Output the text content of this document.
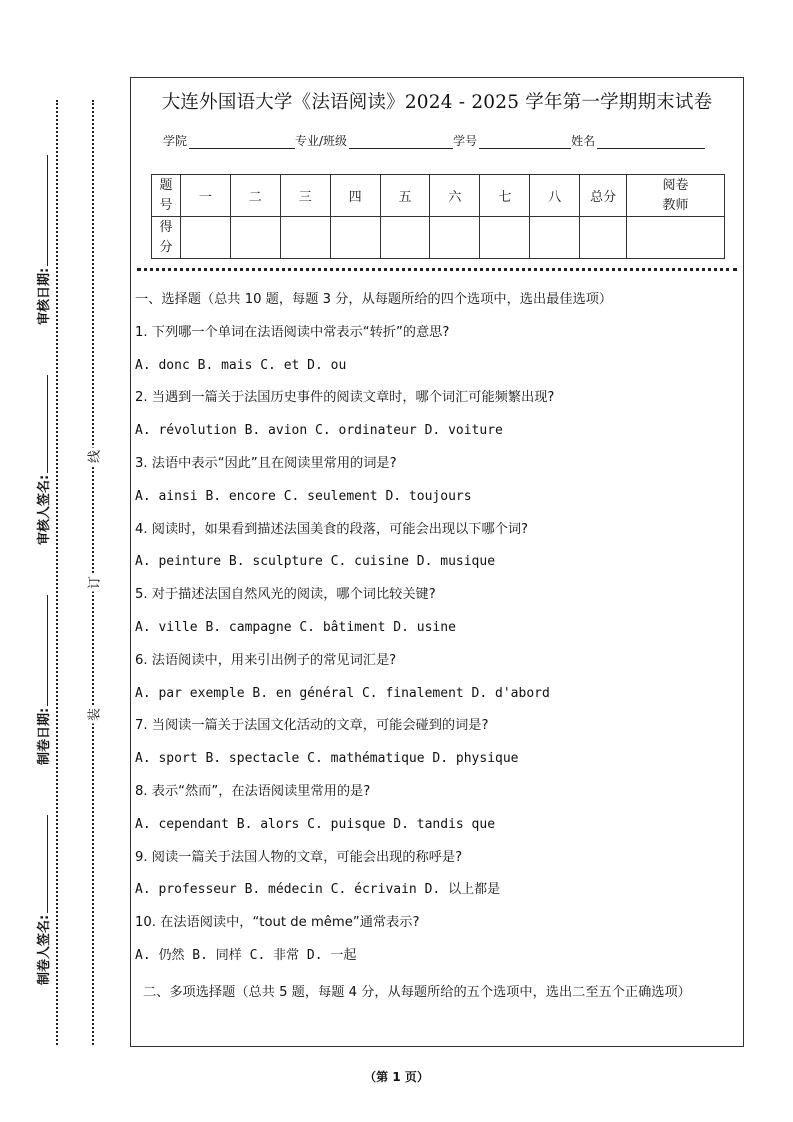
审核日期:
审核人签名:
制卷日期:
制卷人签名:
线
订
装
大连外国语大学《法语阅读》2024 - 2025 学年第一学期期末试卷
学院	专业/班级	学号	姓名
题号	一	二	三	四	五	六	七	八	总分	阅卷教师

得分										

一、选择题（总共 10 题，每题 3 分，从每题所给的四个选项中，选出最佳选项）
1. 下列哪一个单词在法语阅读中常表示“转折”的意思?
A. donc B. mais C. et D. ou
2. 当遇到一篇关于法国历史事件的阅读文章时，哪个词汇可能频繁出现?
A. révolution B. avion C. ordinateur D. voiture
3. 法语中表示“因此”且在阅读里常用的词是?
A. ainsi B. encore C. seulement D. toujours
4. 阅读时，如果看到描述法国美食的段落，可能会出现以下哪个词?
A. peinture B. sculpture C. cuisine D. musique
5. 对于描述法国自然风光的阅读，哪个词比较关键?
A. ville B. campagne C. bâtiment D. usine
6. 法语阅读中，用来引出例子的常见词汇是?
A. par exemple B. en général C. finalement D. d'abord
7. 当阅读一篇关于法国文化活动的文章，可能会碰到的词是?
A. sport B. spectacle C. mathématique D. physique
8. 表示“然而”，在法语阅读里常用的是?
A. cependant B. alors C. puisque D. tandis que
9. 阅读一篇关于法国人物的文章，可能会出现的称呼是?
A. professeur B. médecin C. écrivain D. 以上都是
10. 在法语阅读中，“tout de même”通常表示?
A. 仍然 B. 同样 C. 非常 D. 一起
二、多项选择题（总共 5 题，每题 4 分，从每题所给的五个选项中，选出二至五个正确选项）
（第 1 页）
